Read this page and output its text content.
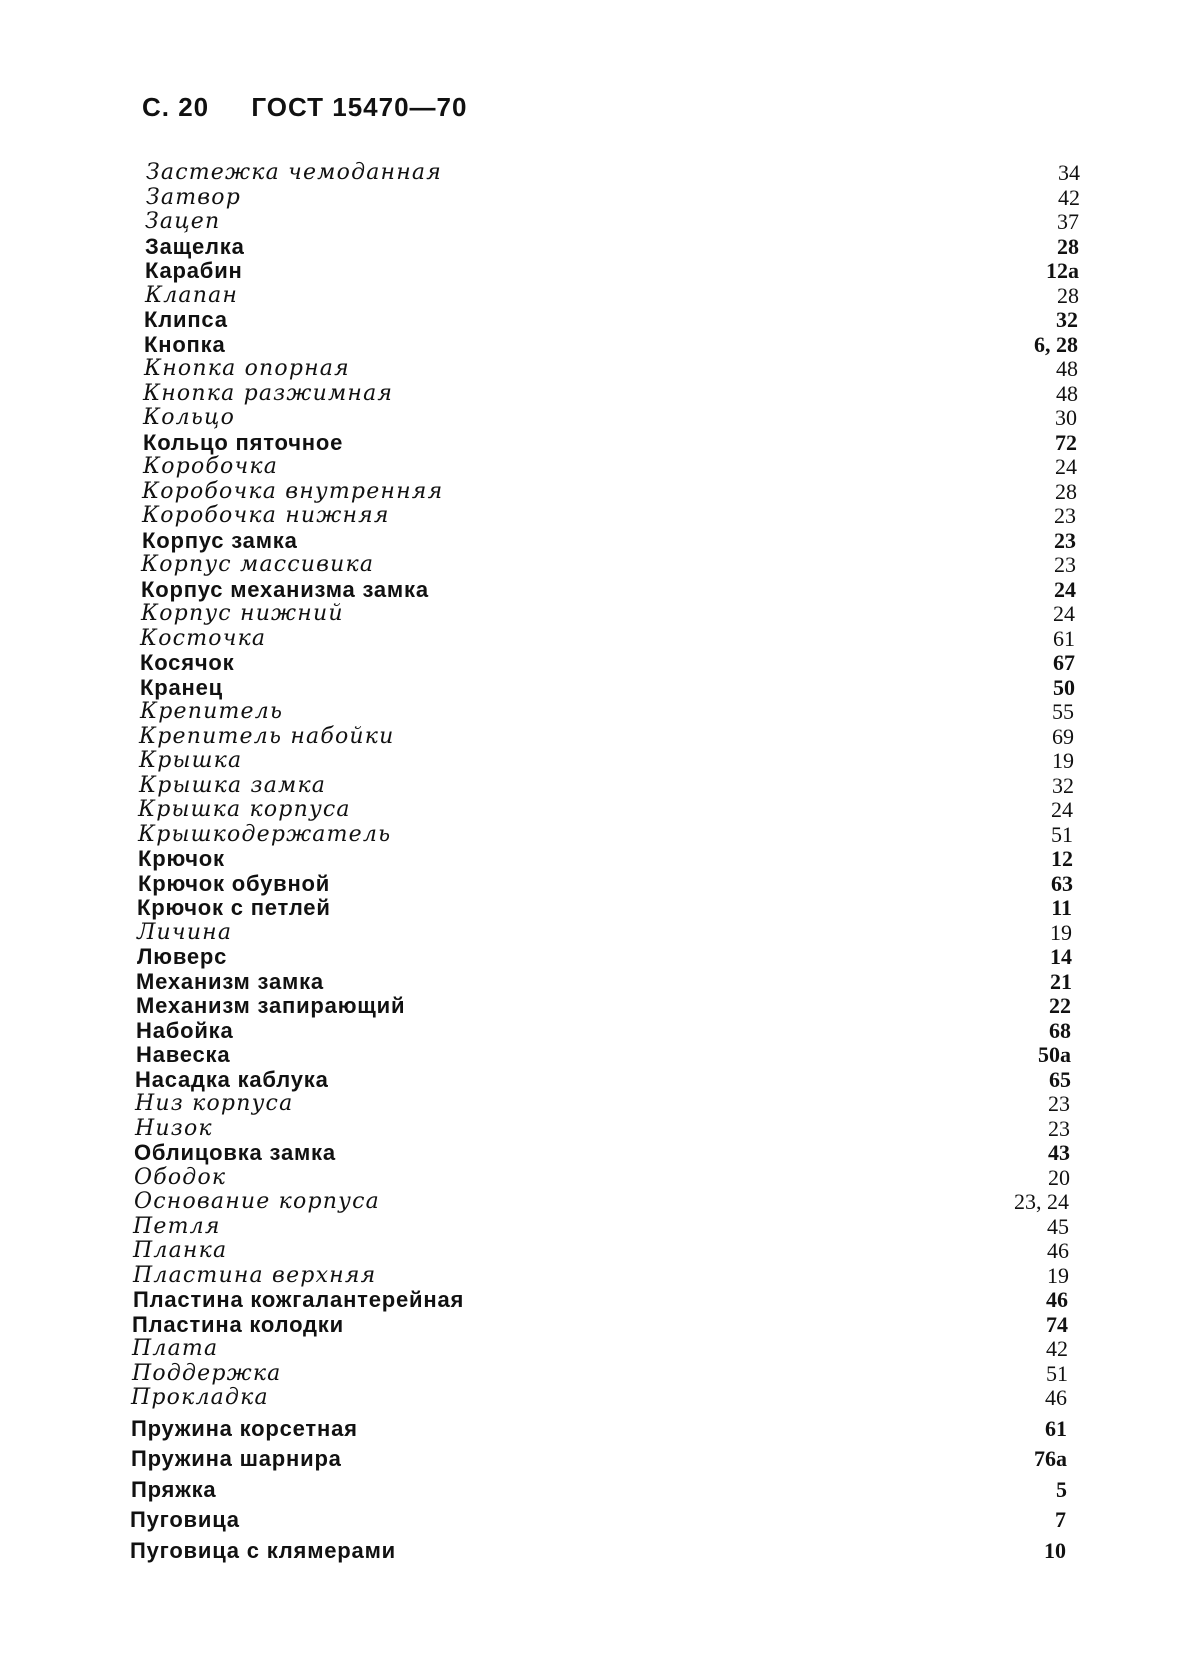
С. 20 ГОСТ 15470—70
Застежка чемоданная	34
Затвор	42
Зацеп	37
Защелка	28
Карабин	12а
Клапан	28
Клипса	32
Кнопка	6, 28
Кнопка опорная	48
Кнопка разжимная	48
Кольцо	30
Кольцо пяточное	72
Коробочка	24
Коробочка внутренняя	28
Коробочка нижняя	23
Корпус замка	23
Корпус массивика	23
Корпус механизма замка	24
Корпус нижний	24
Косточка	61
Косячок	67
Кранец	50
Крепитель	55
Крепитель набойки	69
Крышка	19
Крышка замка	32
Крышка корпуса	24
Крышкодержатель	51
Крючок	12
Крючок обувной	63
Крючок с петлей	11
Личина	19
Люверс	14
Механизм замка	21
Механизм запирающий	22
Набойка	68
Навеска	50а
Насадка каблука	65
Низ корпуса	23
Низок	23
Облицовка замка	43
Ободок	20
Основание корпуса	23, 24
Петля	45
Планка	46
Пластина верхняя	19
Пластина кожгалантерейная	46
Пластина колодки	74
Плата	42
Поддержка	51
Прокладка	46
Пружина корсетная	61
Пружина шарнира	76а
Пряжка	5
Пуговица	7
Пуговица с клямерами	10
